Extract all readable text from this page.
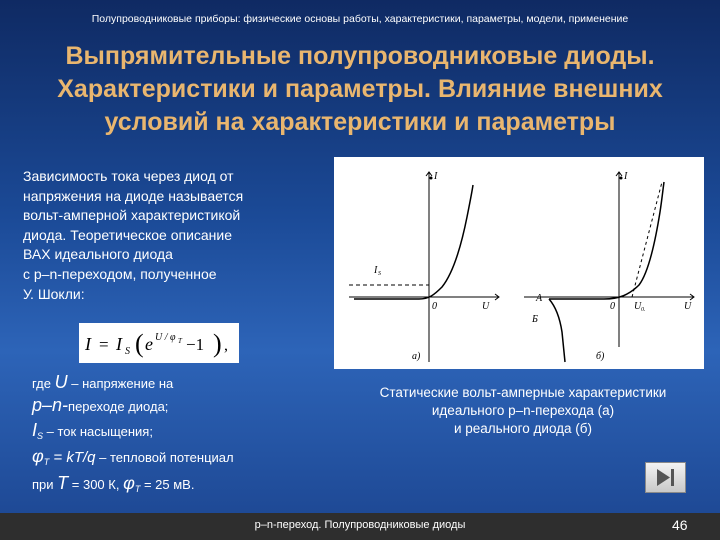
Полупроводниковые приборы: физические основы работы, характеристики, параметры, модели, применение
Выпрямительные полупроводниковые диоды.
Характеристики и параметры. Влияние внешних
условий на характеристики и параметры
Зависимость тока через диод от
напряжения на диоде называется
вольт-амперной характеристикой
диода. Теоретическое описание
ВАХ идеального диода
с p–n-переходом, полученное
У. Шокли:
I = I S ( e U / φ T −1 ) ,
где U – напряжение на
p–n-переходе диода;
$I_S$ – ток насыщения;
$\varphi_T = kT/q$ – тепловой потенциал
при T = 300 К, $\varphi_T = 25$ мВ.
I
I S
0	U
a)
I
A
0 U 0.	U
Б
б)
Статические вольт-амперные характеристики
идеального p–n-перехода (а)
и реального диода (б)
p–n-переход. Полупроводниковые диоды	46
